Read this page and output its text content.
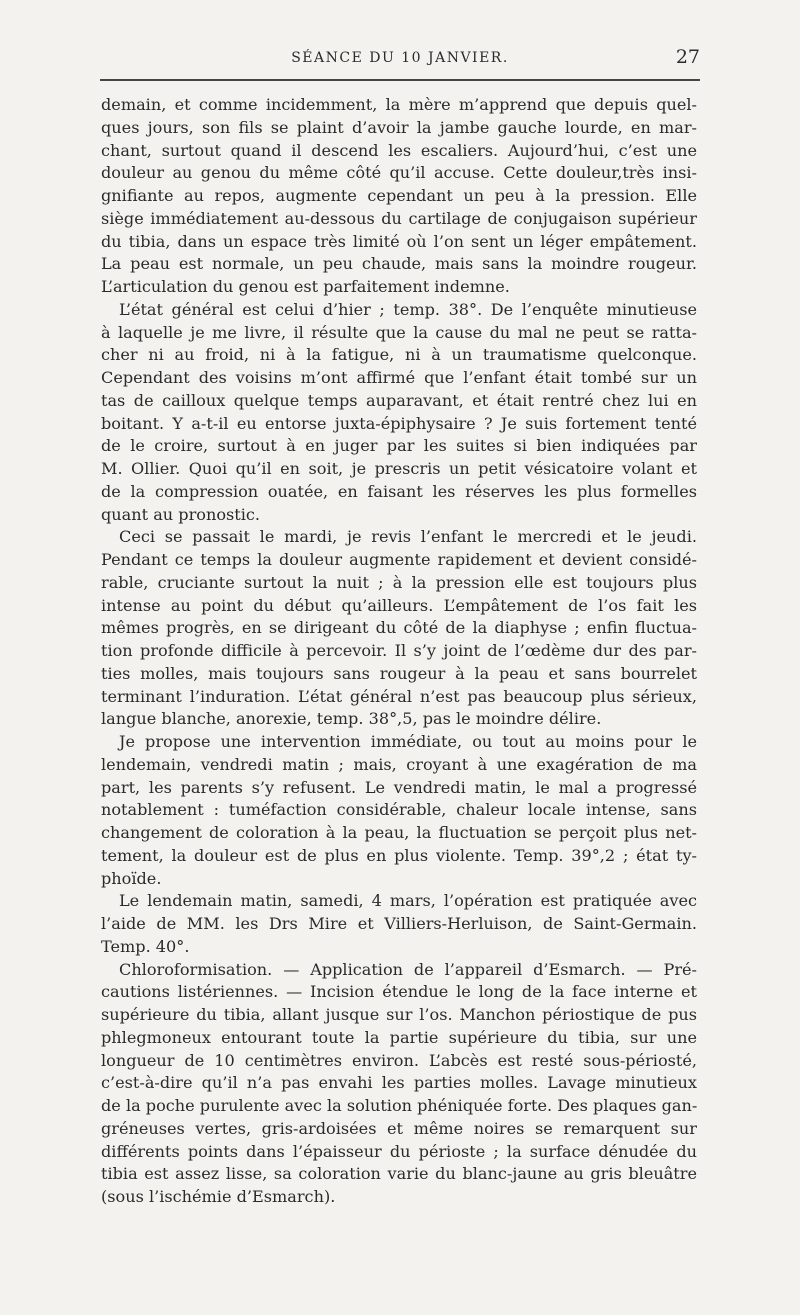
SÉANCE DU 10 JANVIER.	27
demain, et comme incidemment, la mère m’apprend que depuis quel-
ques jours, son fils se plaint d’avoir la jambe gauche lourde, en mar-
chant, surtout quand il descend les escaliers. Aujourd’hui, c’est une
douleur au genou du même côté qu’il accuse. Cette douleur,très insi-
gnifiante au repos, augmente cependant un peu à la pression. Elle
siège immédiatement au-dessous du cartilage de conjugaison supérieur
du tibia, dans un espace très limité où l’on sent un léger empâtement.
La peau est normale, un peu chaude, mais sans la moindre rougeur.
L’articulation du genou est parfaitement indemne.
L’état général est celui d’hier ; temp. 38°. De l’enquête minutieuse
à laquelle je me livre, il résulte que la cause du mal ne peut se ratta-
cher ni au froid, ni à la fatigue, ni à un traumatisme quelconque.
Cependant des voisins m’ont affirmé que l’enfant était tombé sur un
tas de cailloux quelque temps auparavant, et était rentré chez lui en
boitant. Y a-t-il eu entorse juxta-épiphysaire ? Je suis fortement tenté
de le croire, surtout à en juger par les suites si bien indiquées par
M. Ollier. Quoi qu’il en soit, je prescris un petit vésicatoire volant et
de la compression ouatée, en faisant les réserves les plus formelles
quant au pronostic.
Ceci se passait le mardi, je revis l’enfant le mercredi et le jeudi.
Pendant ce temps la douleur augmente rapidement et devient considé-
rable, cruciante surtout la nuit ; à la pression elle est toujours plus
intense au point du début qu’ailleurs. L’empâtement de l’os fait les
mêmes progrès, en se dirigeant du côté de la diaphyse ; enfin fluctua-
tion profonde difficile à percevoir. Il s’y joint de l’œdème dur des par-
ties molles, mais toujours sans rougeur à la peau et sans bourrelet
terminant l’induration. L’état général n’est pas beaucoup plus sérieux,
langue blanche, anorexie, temp. 38°,5, pas le moindre délire.
Je propose une intervention immédiate, ou tout au moins pour le
lendemain, vendredi matin ; mais, croyant à une exagération de ma
part, les parents s’y refusent. Le vendredi matin, le mal a progressé
notablement : tuméfaction considérable, chaleur locale intense, sans
changement de coloration à la peau, la fluctuation se perçoit plus net-
tement, la douleur est de plus en plus violente. Temp. 39°,2 ; état ty-
phoïde.
Le lendemain matin, samedi, 4 mars, l’opération est pratiquée avec
l’aide de MM. les Drs Mire et Villiers-Herluison, de Saint-Germain.
Temp. 40°.
Chloroformisation. — Application de l’appareil d’Esmarch. — Pré-
cautions listériennes. — Incision étendue le long de la face interne et
supérieure du tibia, allant jusque sur l’os. Manchon périostique de pus
phlegmoneux entourant toute la partie supérieure du tibia, sur une
longueur de 10 centimètres environ. L’abcès est resté sous-périosté,
c’est-à-dire qu’il n’a pas envahi les parties molles. Lavage minutieux
de la poche purulente avec la solution phéniquée forte. Des plaques gan-
gréneuses vertes, gris-ardoisées et même noires se remarquent sur
différents points dans l’épaisseur du périoste ; la surface dénudée du
tibia est assez lisse, sa coloration varie du blanc-jaune au gris bleuâtre
(sous l’ischémie d’Esmarch).
